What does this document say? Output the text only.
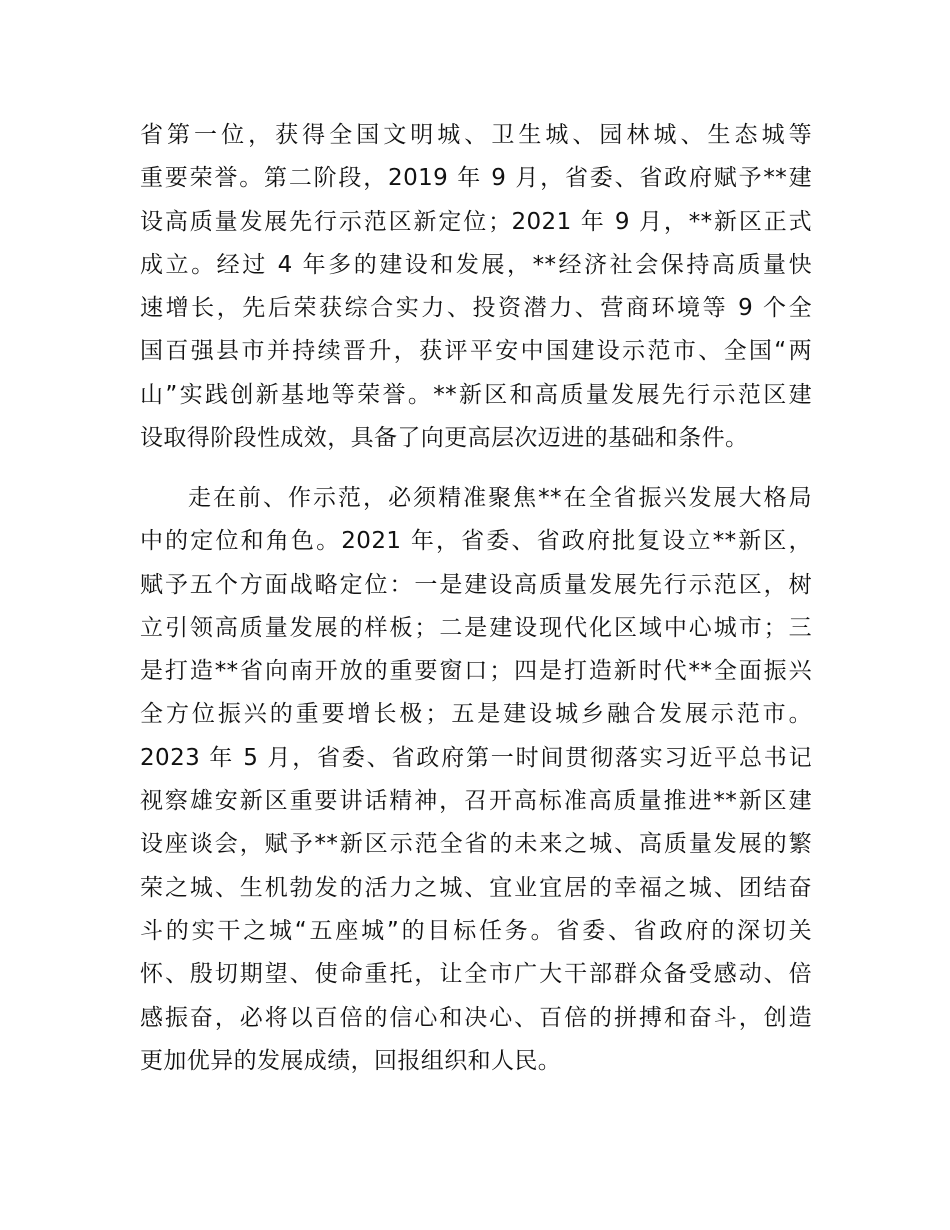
省第一位，获得全国文明城、卫生城、园林城、生态城等
重要荣誉。第二阶段，2019 年 9 月，省委、省政府赋予**建
设高质量发展先行示范区新定位；2021 年 9 月，**新区正式
成立。经过 4 年多的建设和发展，**经济社会保持高质量快
速增长，先后荣获综合实力、投资潜力、营商环境等 9 个全
国百强县市并持续晋升，获评平安中国建设示范市、全国“两
山”实践创新基地等荣誉。**新区和高质量发展先行示范区建
设取得阶段性成效，具备了向更高层次迈进的基础和条件。
走在前、作示范，必须精准聚焦**在全省振兴发展大格局
中的定位和角色。2021 年，省委、省政府批复设立**新区，
赋予五个方面战略定位：一是建设高质量发展先行示范区，树
立引领高质量发展的样板；二是建设现代化区域中心城市；三
是打造**省向南开放的重要窗口；四是打造新时代**全面振兴
全方位振兴的重要增长极；五是建设城乡融合发展示范市。
2023 年 5 月，省委、省政府第一时间贯彻落实习近平总书记
视察雄安新区重要讲话精神，召开高标准高质量推进**新区建
设座谈会，赋予**新区示范全省的未来之城、高质量发展的繁
荣之城、生机勃发的活力之城、宜业宜居的幸福之城、团结奋
斗的实干之城“五座城”的目标任务。省委、省政府的深切关
怀、殷切期望、使命重托，让全市广大干部群众备受感动、倍
感振奋，必将以百倍的信心和决心、百倍的拼搏和奋斗，创造
更加优异的发展成绩，回报组织和人民。
